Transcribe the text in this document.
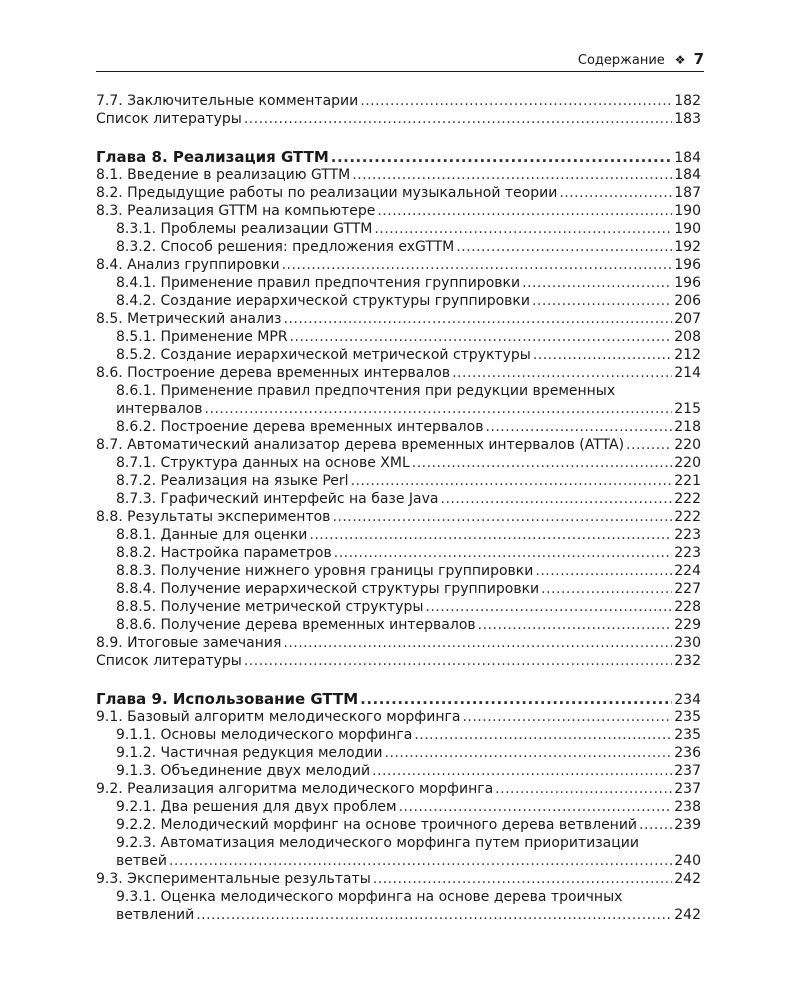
Содержание ❖ 7
7.7. Заключительные комментарии .....	182
Список литературы .....	183
Глава 8. Реализация GTTM .....	184
8.1. Введение в реализацию GTTM .....	184
8.2. Предыдущие работы по реализации музыкальной теории .....	187
8.3. Реализация GTTM на компьютере .....	190
8.3.1. Проблемы реализации GTTM .....	190
8.3.2. Способ решения: предложения exGTTM .....	192
8.4. Анализ группировки .....	196
8.4.1. Применение правил предпочтения группировки .....	196
8.4.2. Создание иерархической структуры группировки .....	206
8.5. Метрический анализ .....	207
8.5.1. Применение MPR .....	208
8.5.2. Создание иерархической метрической структуры .....	212
8.6. Построение дерева временных интервалов .....	214
8.6.1. Применение правил предпочтения при редукции временных
интервалов .....	215
8.6.2. Построение дерева временных интервалов .....	218
8.7. Автоматический анализатор дерева временных интервалов (ATTA) .....	220
8.7.1. Структура данных на основе XML .....	220
8.7.2. Реализация на языке Perl .....	221
8.7.3. Графический интерфейс на базе Java .....	222
8.8. Результаты экспериментов .....	222
8.8.1. Данные для оценки .....	223
8.8.2. Настройка параметров .....	223
8.8.3. Получение нижнего уровня границы группировки .....	224
8.8.4. Получение иерархической структуры группировки .....	227
8.8.5. Получение метрической структуры .....	228
8.8.6. Получение дерева временных интервалов .....	229
8.9. Итоговые замечания .....	230
Список литературы .....	232
Глава 9. Использование GTTM .....	234
9.1. Базовый алгоритм мелодического морфинга .....	235
9.1.1. Основы мелодического морфинга .....	235
9.1.2. Частичная редукция мелодии .....	236
9.1.3. Объединение двух мелодий .....	237
9.2. Реализация алгоритма мелодического морфинга .....	237
9.2.1. Два решения для двух проблем .....	238
9.2.2. Мелодический морфинг на основе троичного дерева ветвлений .....	239
9.2.3. Автоматизация мелодического морфинга путем приоритизации
ветвей .....	240
9.3. Экспериментальные результаты .....	242
9.3.1. Оценка мелодического морфинга на основе дерева троичных
ветвлений .....	242
